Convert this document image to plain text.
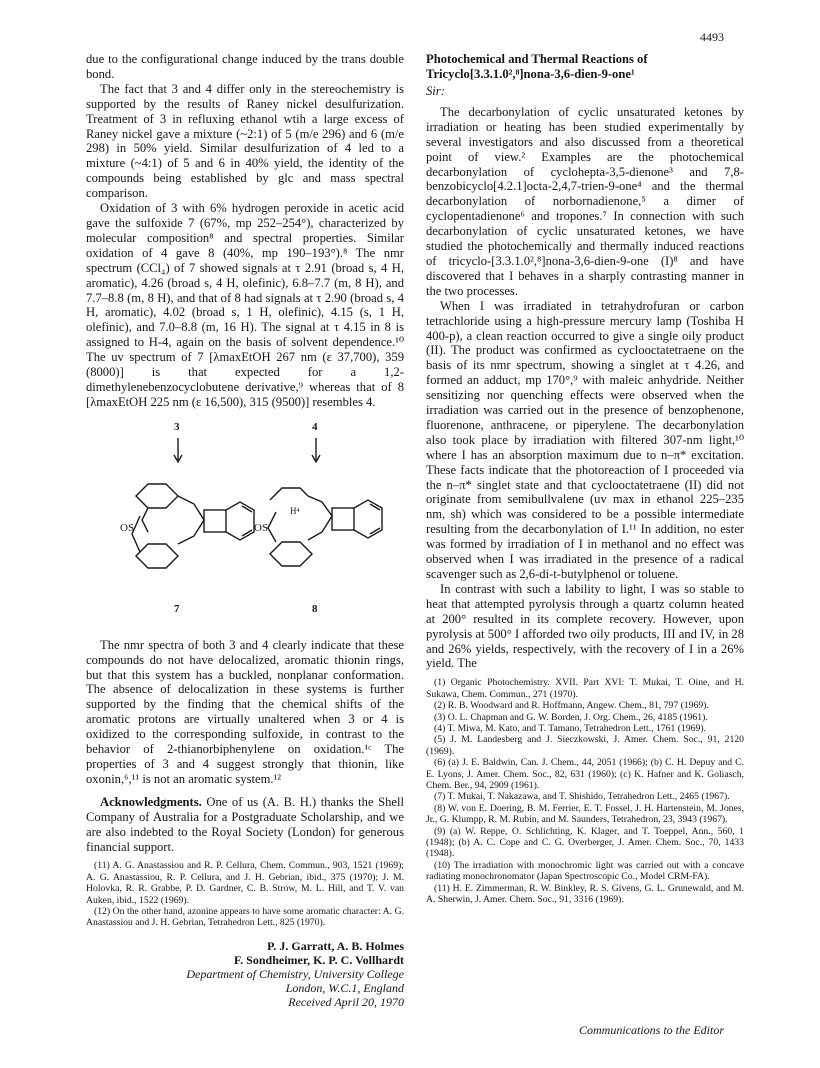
4493

due to the configurational change induced by the trans double bond.

The fact that 3 and 4 differ only in the stereochemistry is supported by the results of Raney nickel desulfurization. Treatment of 3 in refluxing ethanol wtih a large excess of Raney nickel gave a mixture (~2:1) of 5 (m/e 296) and 6 (m/e 298) in 50% yield. Similar desulfurization of 4 led to a mixture (~4:1) of 5 and 6 in 40% yield, the identity of the compounds being established by glc and mass spectral comparison.

Oxidation of 3 with 6% hydrogen peroxide in acetic acid gave the sulfoxide 7 (67%, mp 252–254°), characterized by molecular composition⁸ and spectral properties. Similar oxidation of 4 gave 8 (40%, mp 190–193°).⁸ The nmr spectrum (CCl₄) of 7 showed signals at τ 2.91 (broad s, 4 H, aromatic), 4.26 (broad s, 4 H, olefinic), 6.8–7.7 (m, 8 H), and 7.7–8.8 (m, 8 H), and that of 8 had signals at τ 2.90 (broad s, 4 H, aromatic), 4.02 (broad s, 1 H, olefinic), 4.15 (s, 1 H, olefinic), and 7.0–8.8 (m, 16 H). The signal at τ 4.15 in 8 is assigned to H-4, again on the basis of solvent dependence.¹⁰ The uv spectrum of 7 [λmaxEtOH 267 nm (ε 37,700), 359 (8000)] is that expected for a 1,2-dimethylenebenzocyclobutene derivative,⁹ whereas that of 8 [λmaxEtOH 225 nm (ε 16,500), 315 (9500)] resembles 4.

3	4
OS	OS
H⁴
7	8

The nmr spectra of both 3 and 4 clearly indicate that these compounds do not have delocalized, aromatic thionin rings, but that this system has a buckled, nonplanar conformation. The absence of delocalization in these systems is further supported by the finding that the chemical shifts of the aromatic protons are virtually unaltered when 3 or 4 is oxidized to the corresponding sulfoxide, in contrast to the behavior of 2-thianorbiphenylene on oxidation.¹ᶜ The properties of 3 and 4 suggest strongly that thionin, like oxonin,⁶,¹¹ is not an aromatic system.¹²

Acknowledgments. One of us (A. B. H.) thanks the Shell Company of Australia for a Postgraduate Scholarship, and we are also indebted to the Royal Society (London) for generous financial support.

(11) A. G. Anastassiou and R. P. Cellura, Chem. Commun., 903, 1521 (1969); A. G. Anastassiou, R. P. Cellura, and J. H. Gebrian, ibid., 375 (1970); J. M. Holovka, R. R. Grabbe, P. D. Gardner, C. B. Strow, M. L. Hill, and T. V. van Auken, ibid., 1522 (1969).
(12) On the other hand, azonine appears to have some aromatic character: A. G. Anastassiou and J. H. Gebrian, Tetrahedron Lett., 825 (1970).
P. J. Garratt, A. B. Holmes
F. Sondheimer, K. P. C. Vollhardt
Department of Chemistry, University College
London, W.C.1, England
Received April 20, 1970

Photochemical and Thermal Reactions of

Tricyclo[3.3.1.0²,⁸]nona-3,6-dien-9-one¹

Sir:

The decarbonylation of cyclic unsaturated ketones by irradiation or heating has been studied experimentally by several investigators and also discussed from a theoretical point of view.² Examples are the photochemical decarbonylation of cyclohepta-3,5-dienone³ and 7,8-benzobicyclo[4.2.1]octa-2,4,7-trien-9-one⁴ and the thermal decarbonylation of norbornadienone,⁵ a dimer of cyclopentadienone⁶ and tropones.⁷ In connection with such decarbonylation of cyclic unsaturated ketones, we have studied the photochemically and thermally induced reactions of tricyclo-[3.3.1.0²,⁸]nona-3,6-dien-9-one (I)⁸ and have discovered that I behaves in a sharply contrasting manner in the two processes.

When I was irradiated in tetrahydrofuran or carbon tetrachloride using a high-pressure mercury lamp (Toshiba H 400-p), a clean reaction occurred to give a single oily product (II). The product was confirmed as cyclooctatetraene on the basis of its nmr spectrum, showing a singlet at τ 4.26, and formed an adduct, mp 170°,⁹ with maleic anhydride. Neither sensitizing nor quenching effects were observed when the irradiation was carried out in the presence of benzophenone, fluorenone, anthracene, or piperylene. The decarbonylation also took place by irradiation with filtered 307-nm light,¹⁰ where I has an absorption maximum due to n–π* excitation. These facts indicate that the photoreaction of I proceeded via the n–π* singlet state and that cyclooctatetraene (II) did not originate from semibullvalene (uv max in ethanol 225–235 nm, sh) which was considered to be a possible intermediate resulting from the decarbonylation of I.¹¹ In addition, no ester was formed by irradiation of I in methanol and no effect was observed when I was irradiated in the presence of a radical scavenger such as 2,6-di-t-butylphenol or toluene.

In contrast with such a lability to light, I was so stable to heat that attempted pyrolysis through a quartz column heated at 200° resulted in its complete recovery. However, upon pyrolysis at 500° I afforded two oily products, III and IV, in 28 and 26% yields, respectively, with the recovery of I in a 26% yield. The

(1) Organic Photochemistry. XVII. Part XVI: T. Mukai, T. Oine, and H. Sukawa, Chem. Commun., 271 (1970).
(2) R. B. Woodward and R. Hoffmann, Angew. Chem., 81, 797 (1969).
(3) O. L. Chapman and G. W. Borden, J. Org. Chem., 26, 4185 (1961).
(4) T. Miwa, M. Kato, and T. Tamano, Tetrahedron Lett., 1761 (1969).
(5) J. M. Landesberg and J. Sieczkowski, J. Amer. Chem. Soc., 91, 2120 (1969).
(6) (a) J. E. Baldwin, Can. J. Chem., 44, 2051 (1966); (b) C. H. Depuy and C. E. Lyons, J. Amer. Chem. Soc., 82, 631 (1960); (c) K. Hafner and K. Goliasch, Chem. Ber., 94, 2909 (1961).
(7) T. Mukai, T. Nakazawa, and T. Shishido, Tetrahedron Lett., 2465 (1967).
(8) W. von E. Doering, B. M. Ferrier, E. T. Fossel, J. H. Hartenstein, M. Jones, Jr., G. Klumpp, R. M. Rubin, and M. Saunders, Tetrahedron, 23, 3943 (1967).
(9) (a) W. Reppe, O. Schlichting, K. Klager, and T. Toeppel, Ann., 560, 1 (1948); (b) A. C. Cope and C. G. Overberger, J. Amer. Chem. Soc., 70, 1433 (1948).
(10) The irradiation with monochromic light was carried out with a concave radiating monochronomator (Japan Spectroscopic Co., Model CRM-FA).
(11) H. E. Zimmerman, R. W. Binkley, R. S. Givens, G. L. Grunewald, and M. A. Sherwin, J. Amer. Chem. Soc., 91, 3316 (1969).
Communications to the Editor
